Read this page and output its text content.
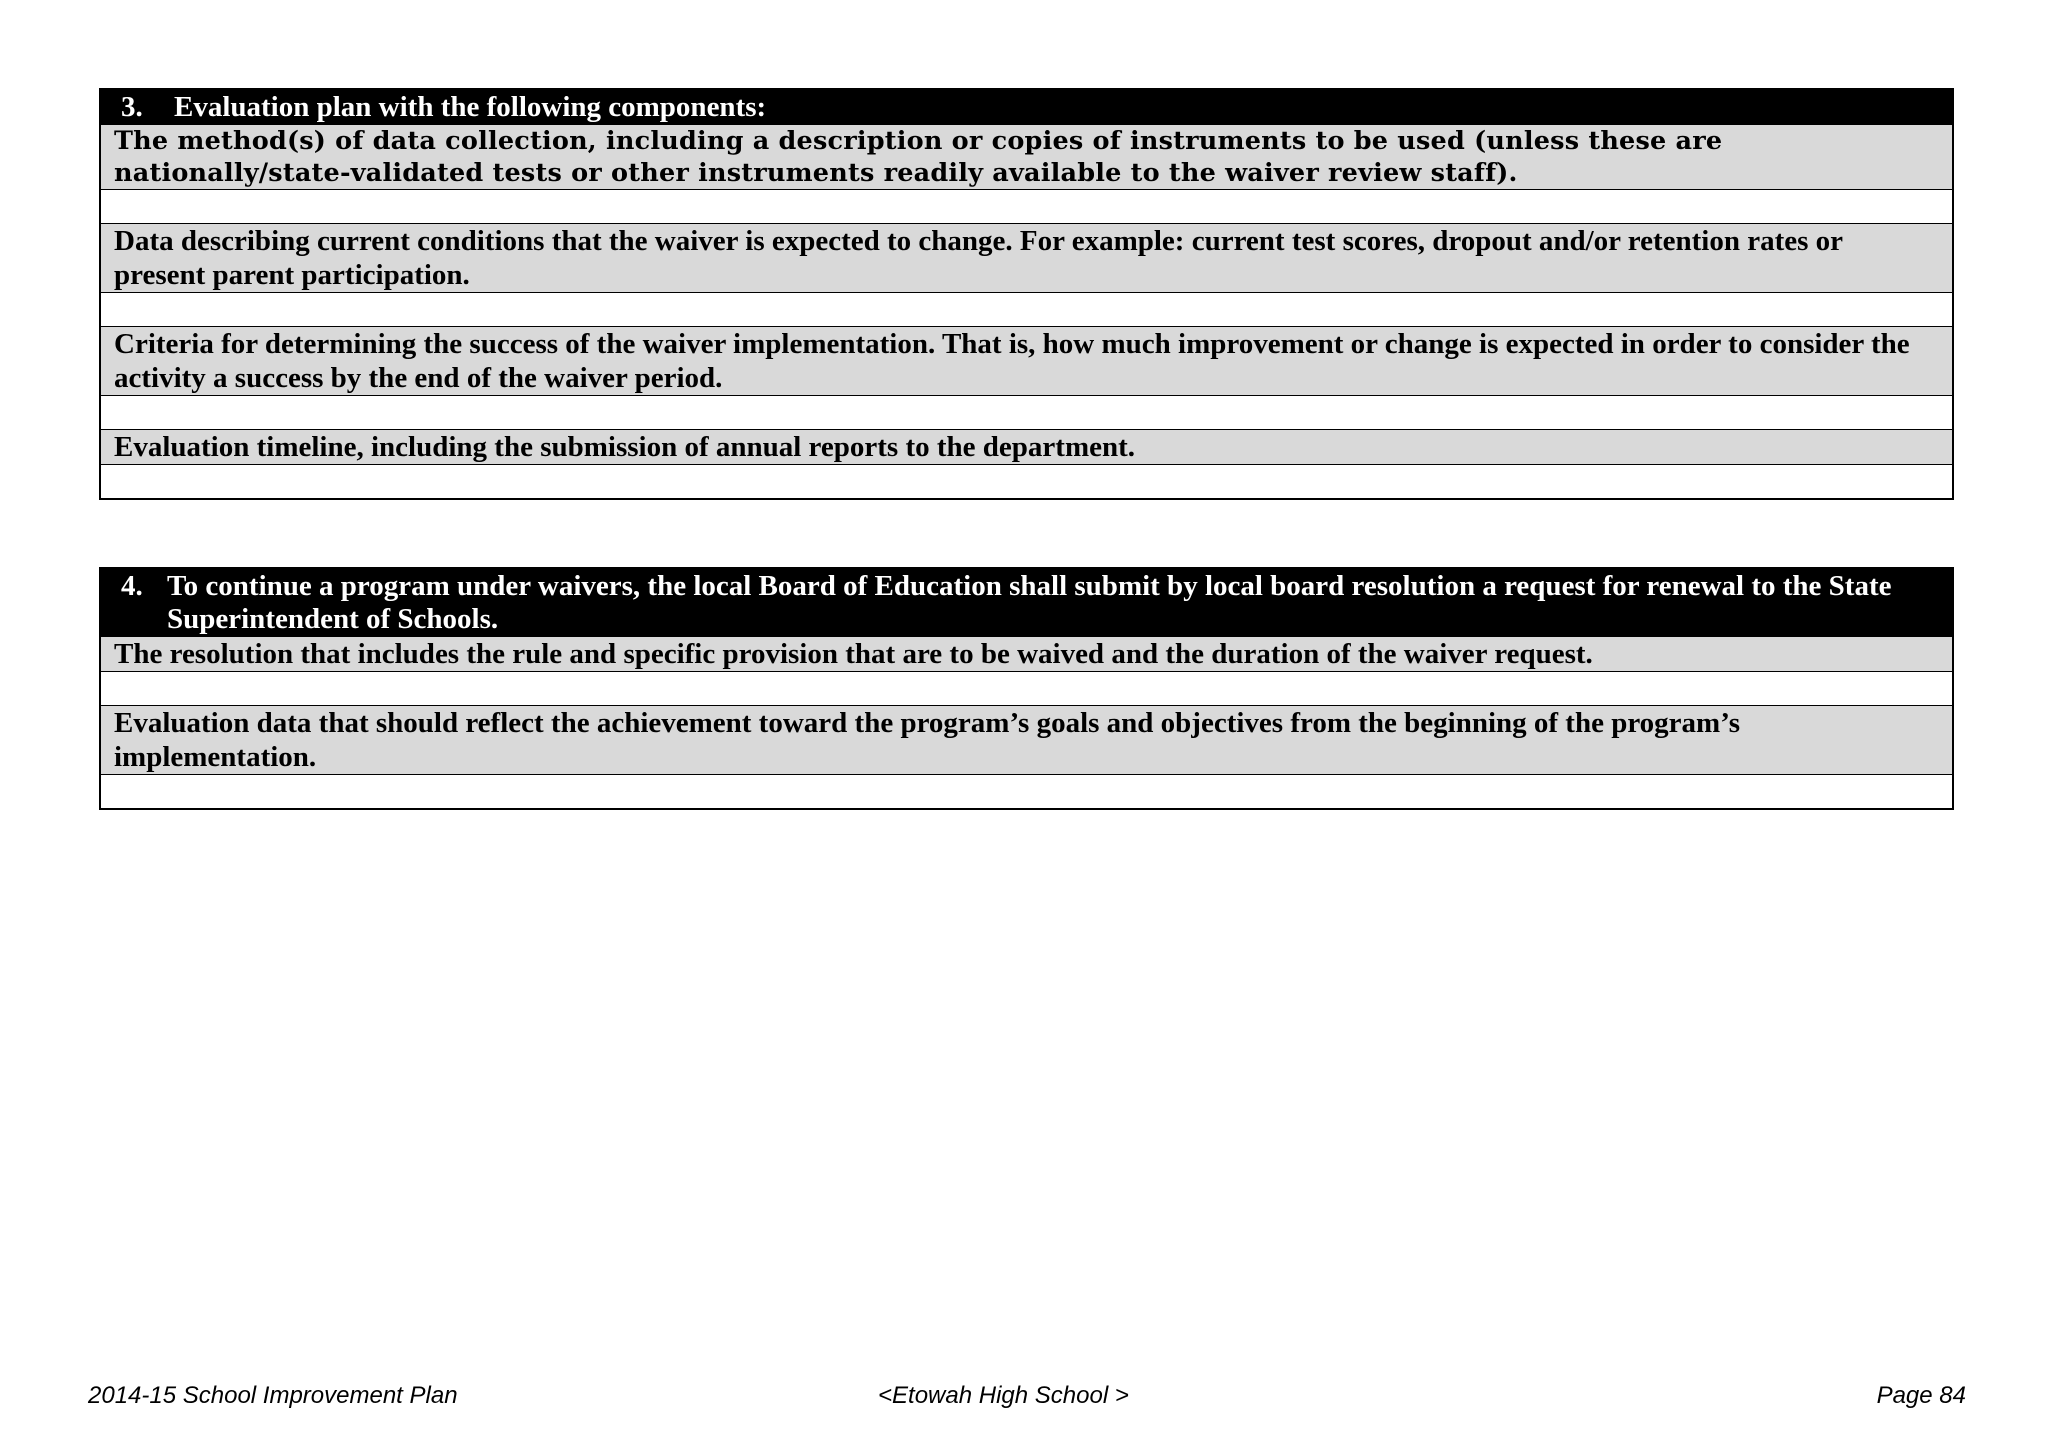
3.	Evaluation plan with the following components:
The method(s) of data collection, including a description or copies of instruments to be used (unless these are nationally/state-validated tests or other instruments readily available to the waiver review staff).
Data describing current conditions that the waiver is expected to change. For example: current test scores, dropout and/or retention rates or present parent participation.
Criteria for determining the success of the waiver implementation. That is, how much improvement or change is expected in order to consider the activity a success by the end of the waiver period.
Evaluation timeline, including the submission of annual reports to the department.
4. To continue a program under waivers, the local Board of Education shall submit by local board resolution a request for renewal to the State Superintendent of Schools.
The resolution that includes the rule and specific provision that are to be waived and the duration of the waiver request.
Evaluation data that should reflect the achievement toward the program’s goals and objectives from the beginning of the program’s implementation.
2014-15 School Improvement Plan	<Etowah High School >	Page 84
